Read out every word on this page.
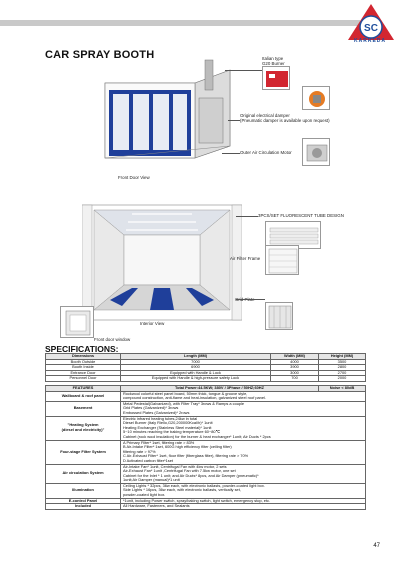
SC
KARREDA
CAR SPRAY BOOTH	Italian type
G20 Burner
Original electrical damper
(Pneumatic damper is available upon request)
Outer Air Circulation Motor
Front Door View
3PCS/SET FLUORESCENT TUBE DESIGN
Air Filter Frame
Grid Plate
Interior View
Front door window
SPECIFICATIONS:
Dimensions	Length (MM)	Width (MM)	Height (MM)
Booth Outside	7000	4000	3500
Booth Inside	6900	3900	2800
Entrance Door	Equipped with Handle & Lock	3000	2700
Personnel Door	Equipped with Handle & high-pressure safety Lock	700	2000
FEATURES	Total Power:44.5KW; 380V / 3Phase / 50HZ;60HZ	Noise < 80dB
Wallboard & roof panel	Rockwool colorful steel panel board, 50mm thick, tongue & groove style,
compound construction, anti-flame and heat-insulation, galvanized steel roof panel.	
Basement	Metal Pedestal(Galvanized), with Filter Tray* 3rows & Ramps a couple
Grid Plates (Galvanized)* 3rows
Embossed Plates (Galvanized)* 2rows	
"Heating System
(diesel and electricity)"	Electric infrared heating tubes,24kw in total
Diesel Burner (Italy Riello,G20,200000Kcal/h)* 1unit
Heating Exchanger (Stainless Steel material)* 1unit
5~10 minutes reaching the baking temperature 60~80℃
Cabinet (rock wool insulation) for the burner & heat exchanger* 1unit; Air Ducts * 2pcs	
Four-stage Filter System	A Primary Filter* 1set, filtering rate > 83%
B Air-Intake Filter* 1set, 600G high efficiency filter (ceiling filter)
filtering rate > 97%
C Air-Exhaust Filter* 1set, floor filter (fiberglass filter), filtering rate > 70%
D Activated carbon filter*1set	
Air circulation System	Air-Intake Fan* 1unit, Centrifugal Fan with 4kw motor, 2 sets
Air-Exhaust Fan* 1unit ,Centrifugal Fan with 7.5kw motor, one set
Cabinet for the Inlet * 1 unit; and Air Ducts* 8pcs, and Air Damper (pneumatic)*
1unit;Air Damper (manual)*1 unit	
Illumination	Ceiling Lights * 32pcs, 36w each, with electronic ballasts, powder-coated light box.
Side Lights * 16pcs, 36w each, with electronic ballasts, vertically set,
powder-coated light box.	
E-control Panel	*1unit, including Power switch, spray/baking switch, light switch, emergency stop, etc.	
Included	All Hardware, Fasteners, and Sealants	
47
